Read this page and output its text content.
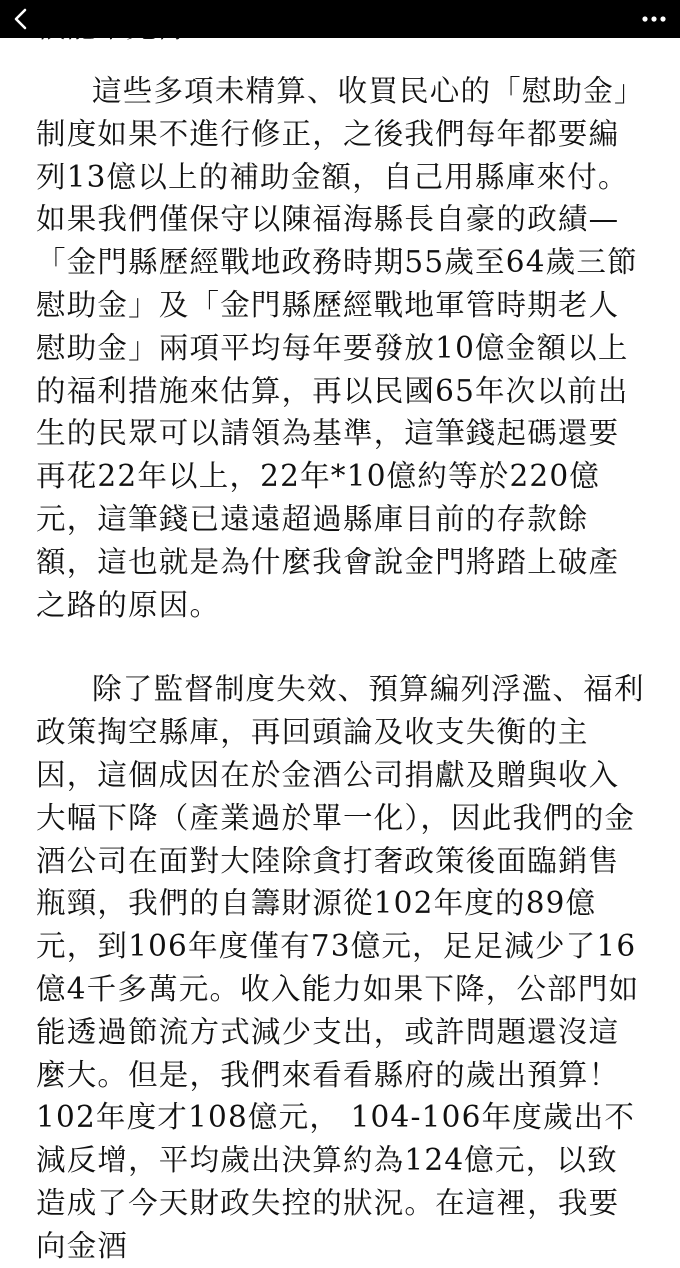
這些多項未精算、收買民心的「慰助金」制度如果不進行修正，之後我們每年都要編列13億以上的補助金額，自己用縣庫來付。如果我們僅保守以陳福海縣長自豪的政績—「金門縣歷經戰地政務時期55歲至64歲三節慰助金」及「金門縣歷經戰地軍管時期老人慰助金」兩項平均每年要發放10億金額以上的福利措施來估算，再以民國65年次以前出生的民眾可以請領為基準，這筆錢起碼還要再花22年以上，22年*10億約等於220億元，這筆錢已遠遠超過縣庫目前的存款餘額，這也就是為什麼我會說金門將踏上破產之路的原因。

除了監督制度失效、預算編列浮濫、福利政策掏空縣庫，再回頭論及收支失衡的主因，這個成因在於金酒公司捐獻及贈與收入大幅下降（產業過於單一化），因此我們的金酒公司在面對大陸除貪打奢政策後面臨銷售瓶頸，我們的自籌財源從102年度的89億元，到106年度僅有73億元，足足減少了16億4千多萬元。收入能力如果下降，公部門如能透過節流方式減少支出，或許問題還沒這麼大。但是，我們來看看縣府的歲出預算！102年度才108億元， 104-106年度歲出不減反增，平均歲出決算約為124億元，以致造成了今天財政失控的狀況。在這裡，我要向金酒
